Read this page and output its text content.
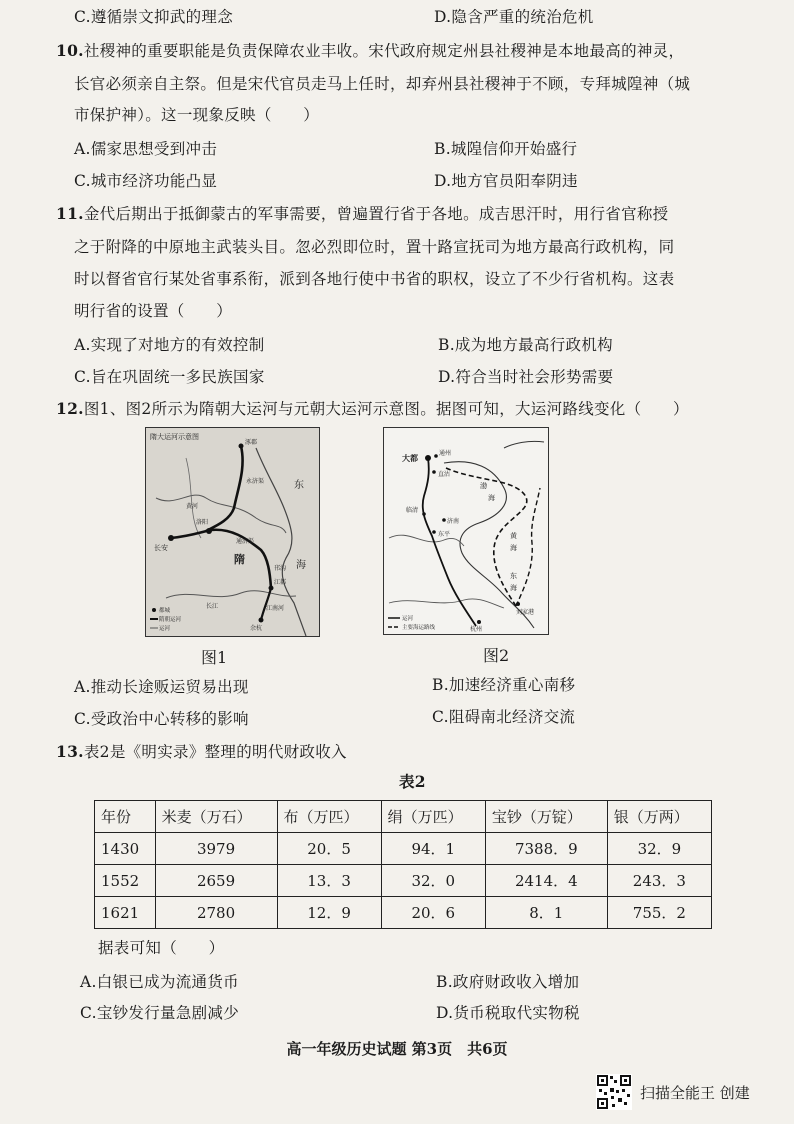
C.遵循崇文抑武的理念	D.隐含严重的统治危机
10.社稷神的重要职能是负责保障农业丰收。宋代政府规定州县社稷神是本地最高的神灵，
长官必须亲自主祭。但是宋代官员走马上任时，却弃州县社稷神于不顾，专拜城隍神（城
市保护神）。这一现象反映（　　）
A.儒家思想受到冲击	B.城隍信仰开始盛行
C.城市经济功能凸显	D.地方官员阳奉阴违
11.金代后期出于抵御蒙古的军事需要，曾遍置行省于各地。成吉思汗时，用行省官称授
之于附降的中原地主武装头目。忽必烈即位时，置十路宣抚司为地方最高行政机构，同
时以督省官行某处省事系衔，派到各地行使中书省的职权，设立了不少行省机构。这表
明行省的设置（　　）
A.实现了对地方的有效控制	B.成为地方最高行政机构
C.旨在巩固统一多民族国家	D.符合当时社会形势需要
12.图1、图2所示为隋朝大运河与元朝大运河示意图。据图可知，大运河路线变化（　　）
隋大运河示意图
涿郡
洛阳
长安
隋
江都
余杭
黄河
长江
东
海
永济渠
通济渠
邗沟
江南河
都城
隋朝运河
运河
图1
大都
通州
直沽
临清
济南
东平
渤
海
黄
海
东
海
杭州
刘家港
运河
主要海运路线
图2
A.推动长途贩运贸易出现	B.加速经济重心南移
C.受政治中心转移的影响	C.阻碍南北经济交流
13.表2是《明实录》整理的明代财政收入
表2
年份	米麦（万石）	布（万匹）	绢（万匹）	宝钞（万锭）	银（万两）
1430	3979	20．5	94．1	7388．9	32．9
1552	2659	13．3	32．0	2414．4	243．3
1621	2780	12．9	20．6	8．1	755．2
据表可知（　　）
A.白银已成为流通货币	B.政府财政收入增加
C.宝钞发行量急剧减少	D.货币税取代实物税
高一年级历史试题 第3页　共6页
扫描全能王 创建
